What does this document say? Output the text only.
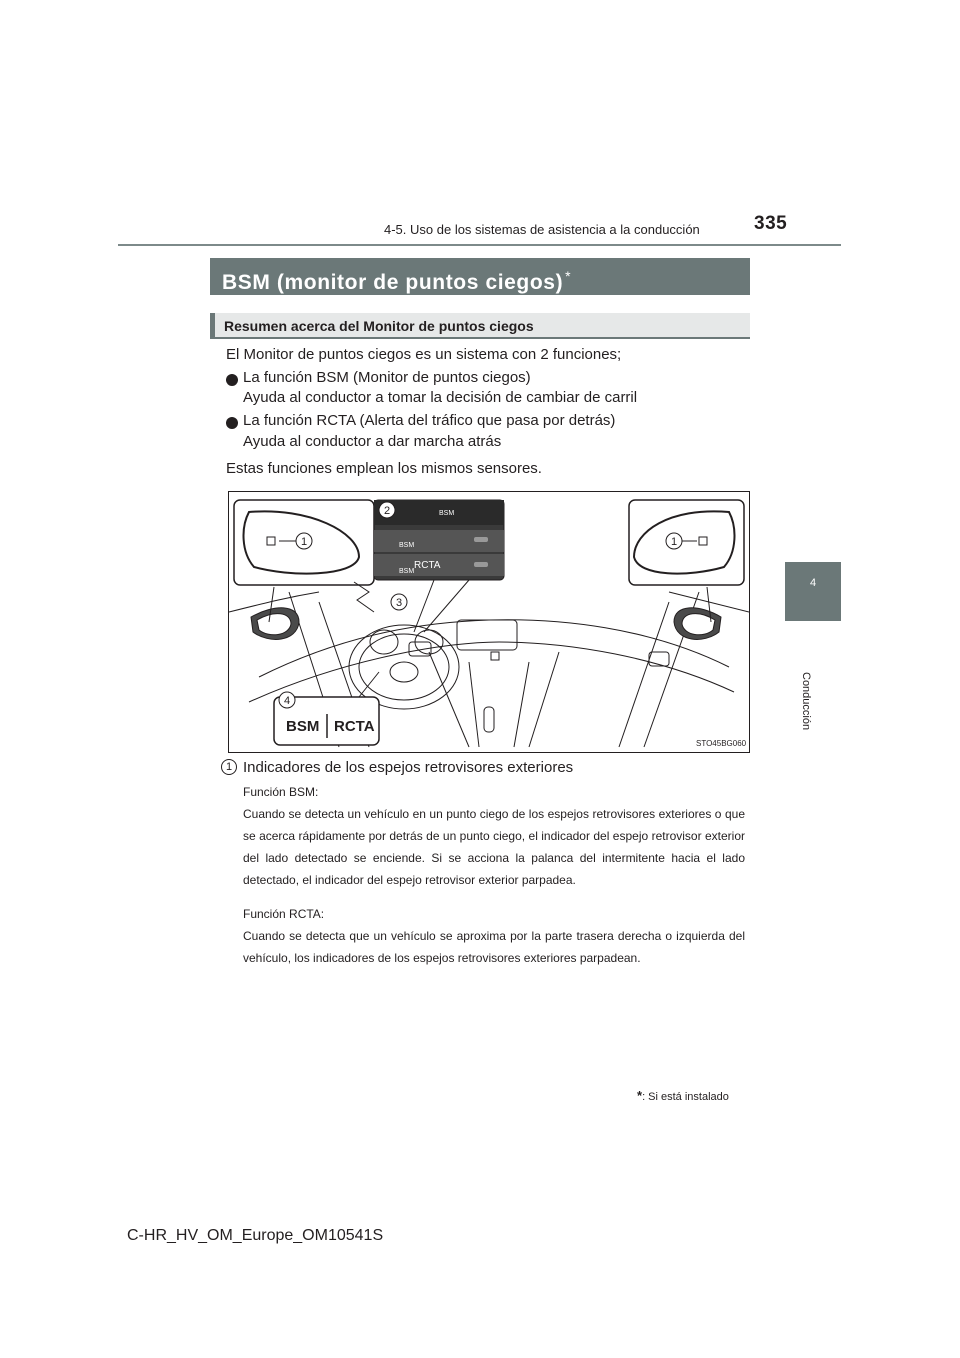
4-5. Uso de los sistemas de asistencia a la conducción	335
4
Conducción
BSM (monitor de puntos ciegos) *
Resumen acerca del Monitor de puntos ciegos
El Monitor de puntos ciegos es un sistema con 2 funciones;
La función BSM (Monitor de puntos ciegos)
Ayuda al conductor a tomar la decisión de cambiar de carril
La función RCTA (Alerta del tráfico que pasa por detrás)
Ayuda al conductor a dar marcha atrás
Estas funciones emplean los mismos sensores.
1	1
2
3
4
BSM
BSM
RCTA
BSM
BSM RCTA
STO45BG060
1 Indicadores de los espejos retrovisores exteriores
Función BSM:
Cuando se detecta un vehículo en un punto ciego de los espejos retrovisores exteriores o que se acerca rápidamente por detrás de un punto ciego, el indicador del espejo retrovisor exterior del lado detectado se enciende. Si se acciona la palanca del intermitente hacia el lado detectado, el indicador del espejo retrovisor exterior parpadea.
Función RCTA:
Cuando se detecta que un vehículo se aproxima por la parte trasera derecha o izquierda del vehículo, los indicadores de los espejos retrovisores exteriores parpadean.
*: Si está instalado
C-HR_HV_OM_Europe_OM10541S
